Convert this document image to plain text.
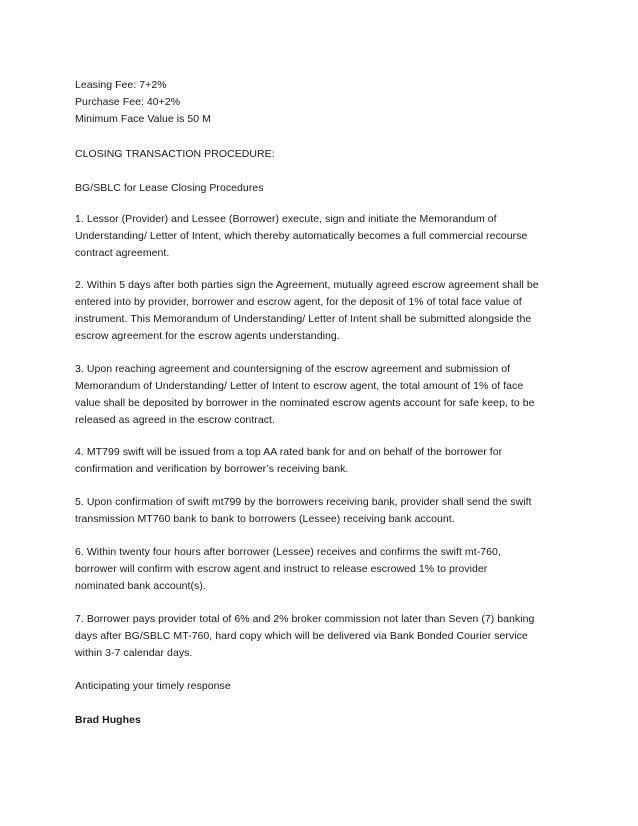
Leasing Fee: 7+2%
Purchase Fee: 40+2%
Minimum Face Value is 50 M
CLOSING TRANSACTION PROCEDURE:
BG/SBLC for Lease Closing Procedures
1. Lessor (Provider) and Lessee (Borrower) execute, sign and initiate the Memorandum of
Understanding/ Letter of Intent, which thereby automatically becomes a full commercial recourse
contract agreement.
2. Within 5 days after both parties sign the Agreement, mutually agreed escrow agreement shall be
entered into by provider, borrower and escrow agent, for the deposit of 1% of total face value of
instrument. This Memorandum of Understanding/ Letter of Intent shall be submitted alongside the
escrow agreement for the escrow agents understanding.
3. Upon reaching agreement and countersigning of the escrow agreement and submission of
Memorandum of Understanding/ Letter of Intent to escrow agent, the total amount of 1% of face
value shall be deposited by borrower in the nominated escrow agents account for safe keep, to be
released as agreed in the escrow contract.
4. MT799 swift will be issued from a top AA rated bank for and on behalf of the borrower for
confirmation and verification by borrower’s receiving bank.
5. Upon confirmation of swift mt799 by the borrowers receiving bank, provider shall send the swift
transmission MT760 bank to bank to borrowers (Lessee) receiving bank account.
6. Within twenty four hours after borrower (Lessee) receives and confirms the swift mt-760,
borrower will confirm with escrow agent and instruct to release escrowed 1% to provider
nominated bank account(s).
7. Borrower pays provider total of 6% and 2% broker commission not later than Seven (7) banking
days after BG/SBLC MT-760, hard copy which will be delivered via Bank Bonded Courier service
within 3-7 calendar days.
Anticipating your timely response
Brad Hughes
